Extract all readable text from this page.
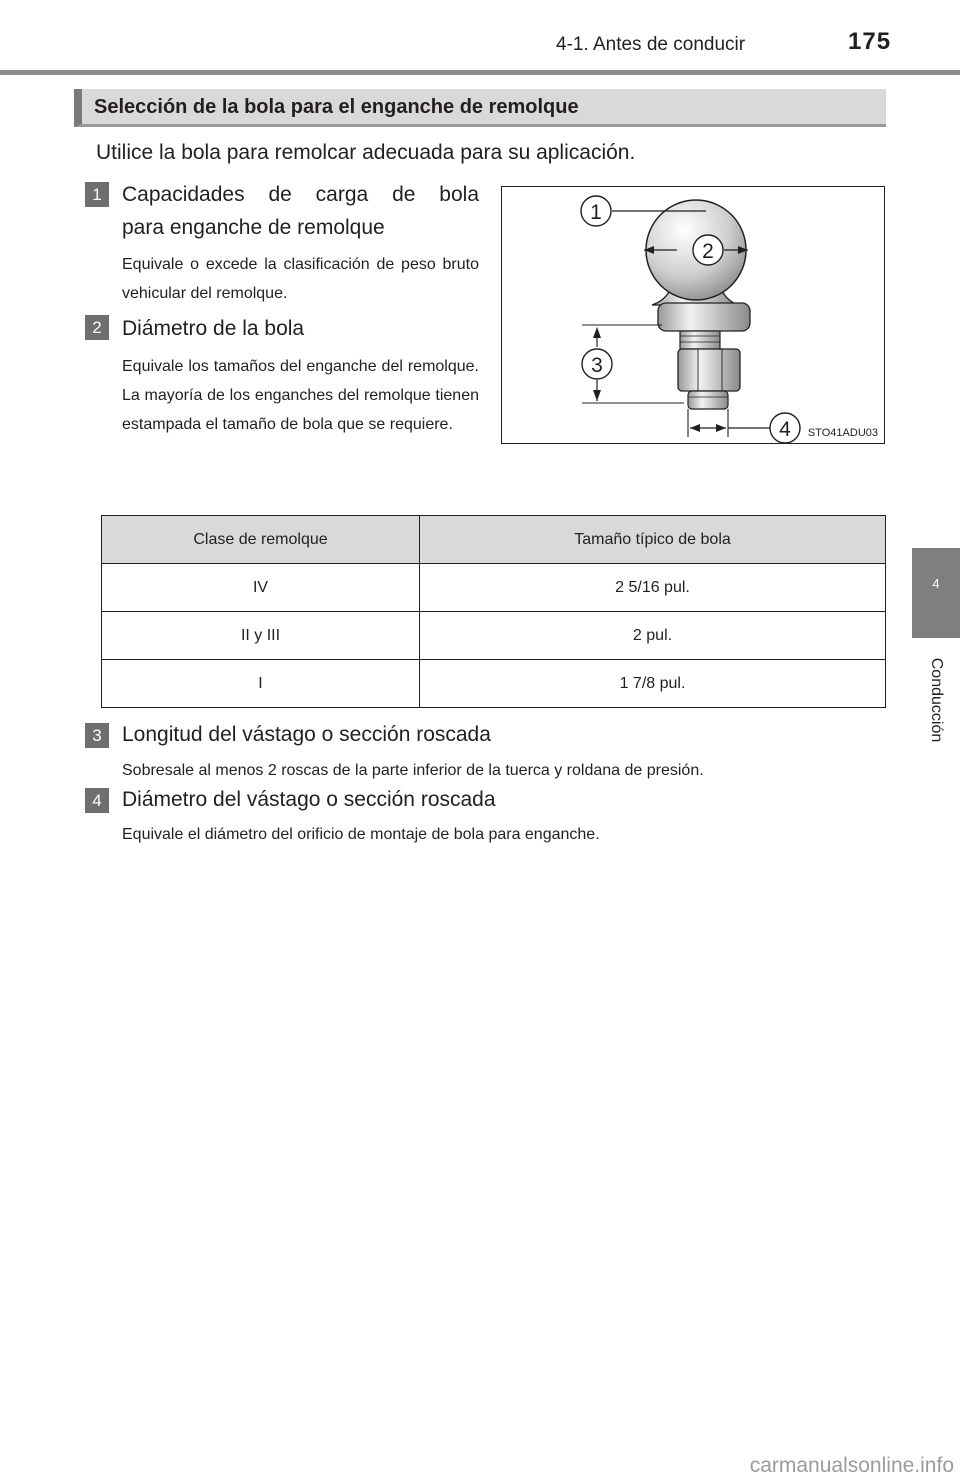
4-1. Antes de conducir	175
4
Conducción
Selección de la bola para el enganche de remolque
Utilice la bola para remolcar adecuada para su aplicación.
1 Capacidades de carga de bola
para enganche de remolque
Equivale o excede la clasificación de peso bruto vehicular del remolque.
2 Diámetro de la bola
Equivale los tamaños del enganche del remolque. La mayoría de los enganches del remolque tienen estampada el tamaño de bola que se requiere.
1
2
3
4 STO41ADU03
Clase de remolque	Tamaño típico de bola
IV	2 5/16 pul.
II y III	2 pul.
I	1 7/8 pul.
3 Longitud del vástago o sección roscada
Sobresale al menos 2 roscas de la parte inferior de la tuerca y roldana de presión.
4 Diámetro del vástago o sección roscada
Equivale el diámetro del orificio de montaje de bola para enganche.
carmanualsonline.info
